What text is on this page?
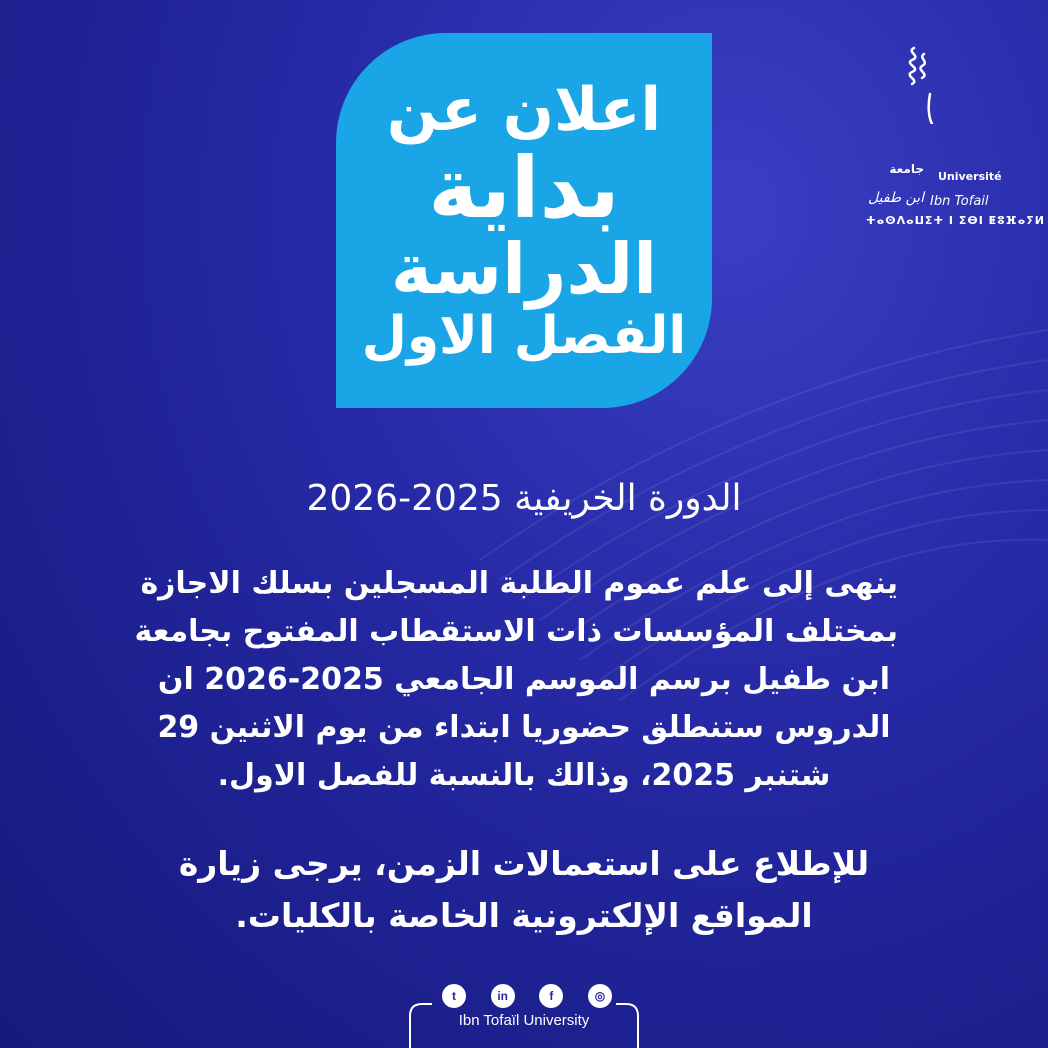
اعلان عن
بداية
الدراسة
الفصل الاول
جامعة
Université
ابن طفيل Ibn Tofail
ⵜⴰⵙⴷⴰⵡⵉⵜ ⵏ ⵉⴱⵏ ⵟⵓⴼⴰⵢⵍ
الدورة الخريفية 2025-2026
ينهى إلى علم عموم الطلبة المسجلين بسلك الاجازة
بمختلف المؤسسات ذات الاستقطاب المفتوح بجامعة
ابن طفيل برسم الموسم الجامعي 2025-2026 ان
الدروس ستنطلق حضوريا ابتداء من يوم الاثنين 29
شتنبر 2025، وذالك بالنسبة للفصل الاول.
للإطلاع على استعمالات الزمن، يرجى زيارة
المواقع الإلكترونية الخاصة بالكليات.
t	in	f	◎
Ibn Tofaïl University
